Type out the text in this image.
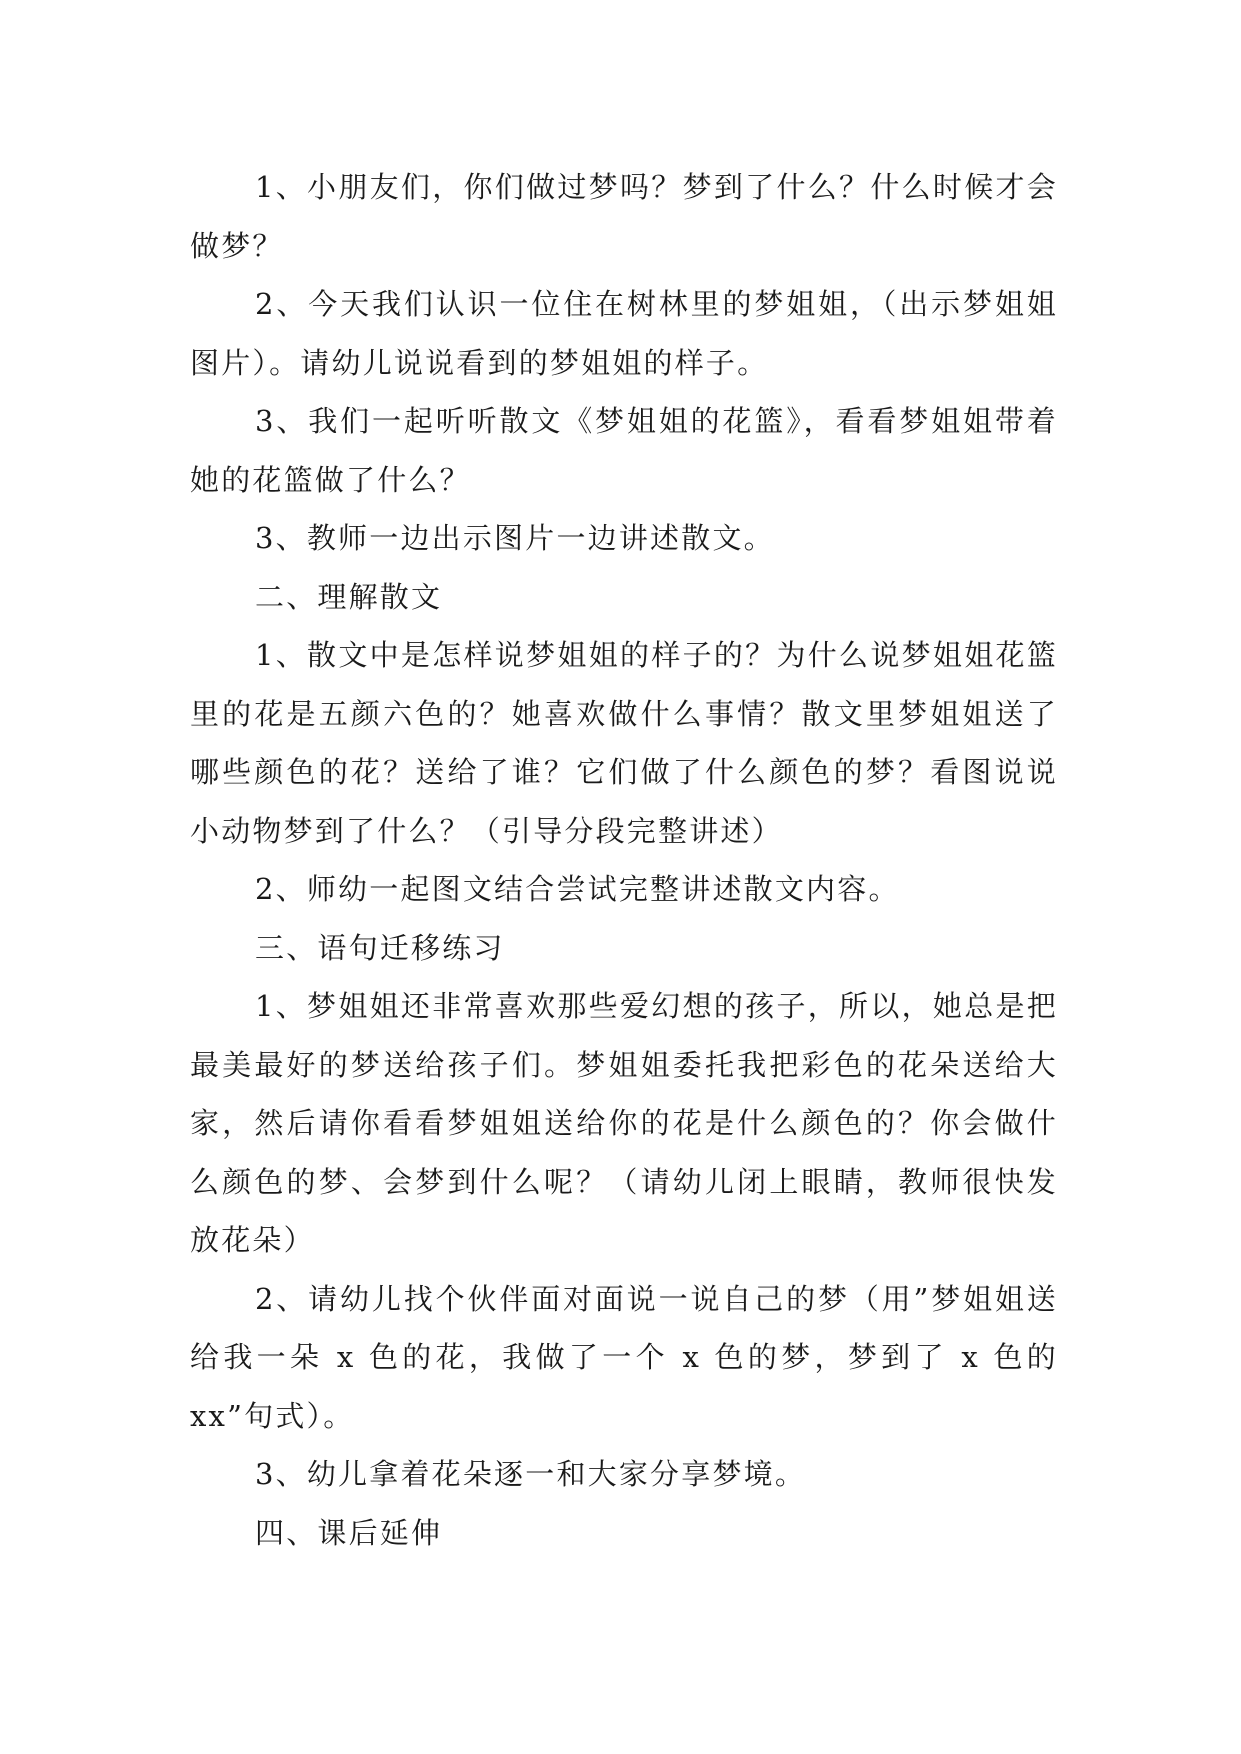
1、小朋友们，你们做过梦吗？梦到了什么？什么时候才会做梦？

2、今天我们认识一位住在树林里的梦姐姐，（出示梦姐姐图片）。请幼儿说说看到的梦姐姐的样子。

3、我们一起听听散文《梦姐姐的花篮》，看看梦姐姐带着她的花篮做了什么？

3、教师一边出示图片一边讲述散文。

二、理解散文

1、散文中是怎样说梦姐姐的样子的？为什么说梦姐姐花篮里的花是五颜六色的？她喜欢做什么事情？散文里梦姐姐送了哪些颜色的花？送给了谁？它们做了什么颜色的梦？看图说说小动物梦到了什么？（引导分段完整讲述）

2、师幼一起图文结合尝试完整讲述散文内容。

三、语句迁移练习

1、梦姐姐还非常喜欢那些爱幻想的孩子，所以，她总是把最美最好的梦送给孩子们。梦姐姐委托我把彩色的花朵送给大家，然后请你看看梦姐姐送给你的花是什么颜色的？你会做什么颜色的梦、会梦到什么呢？（请幼儿闭上眼睛，教师很快发放花朵）

2、请幼儿找个伙伴面对面说一说自己的梦（用”梦姐姐送给我一朵 x 色的花，我做了一个 x 色的梦，梦到了 x 色的 xx”句式）。

3、幼儿拿着花朵逐一和大家分享梦境。

四、课后延伸
